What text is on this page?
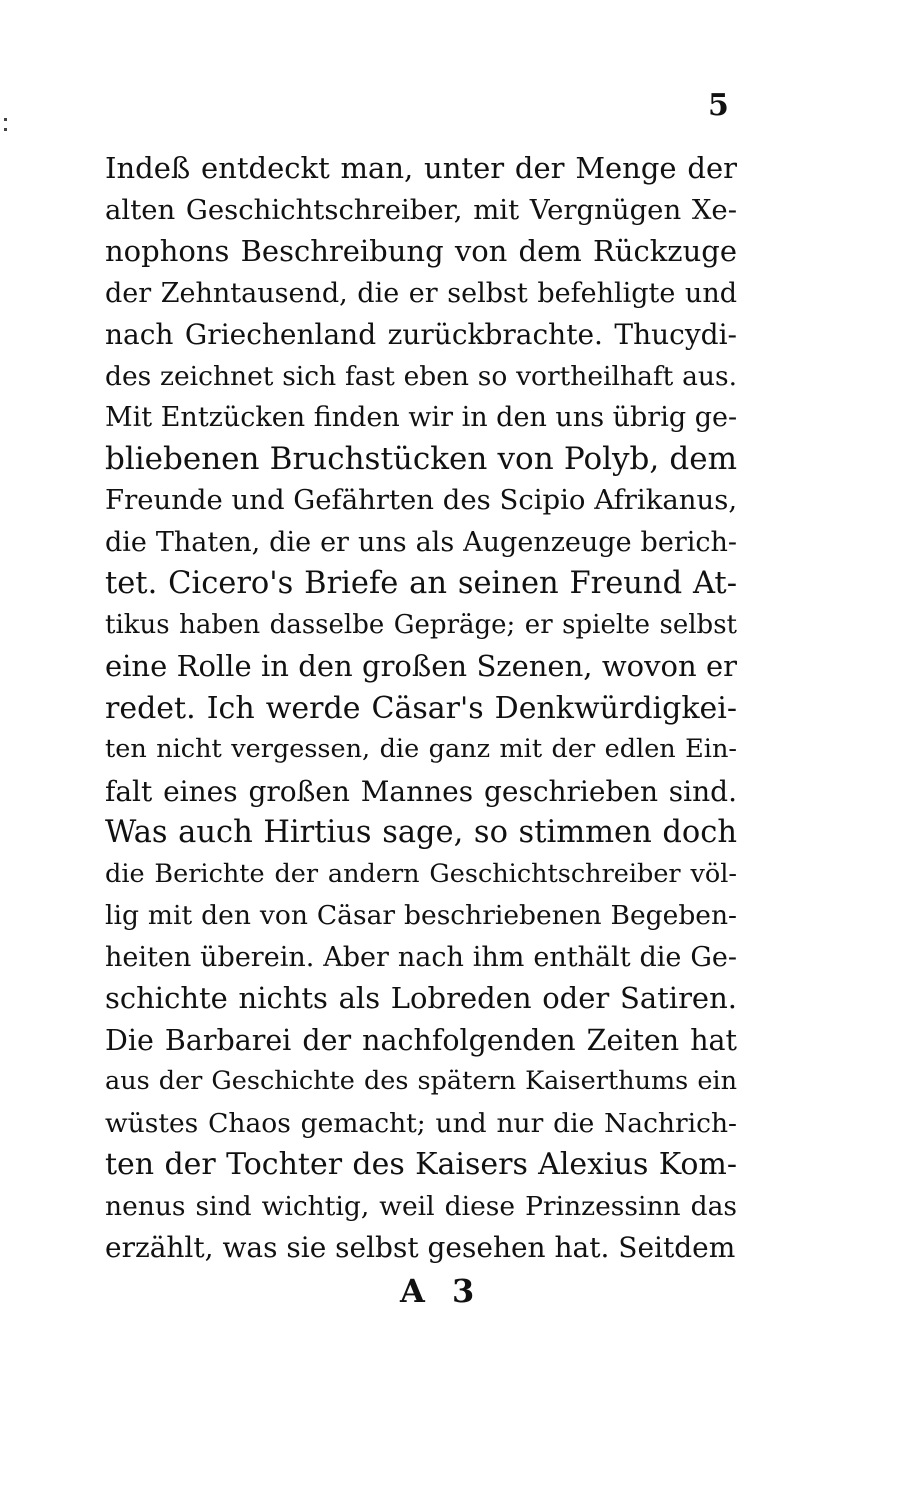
5
Indeß entdeckt man, unter der Menge der
alten Geschichtschreiber, mit Vergnügen Xe-
nophons Beschreibung von dem Rückzuge
der Zehntausend, die er selbst befehligte und
nach Griechenland zurückbrachte. Thucydi-
des zeichnet sich fast eben so vortheilhaft aus.
Mit Entzücken finden wir in den uns übrig ge-
bliebenen Bruchstücken von Polyb, dem
Freunde und Gefährten des Scipio Afrikanus,
die Thaten, die er uns als Augenzeuge berich-
tet. Cicero's Briefe an seinen Freund At-
tikus haben dasselbe Gepräge; er spielte selbst
eine Rolle in den großen Szenen, wovon er
redet. Ich werde Cäsar's Denkwürdigkei-
ten nicht vergessen, die ganz mit der edlen Ein-
falt eines großen Mannes geschrieben sind.
Was auch Hirtius sage, so stimmen doch
die Berichte der andern Geschichtschreiber völ-
lig mit den von Cäsar beschriebenen Begeben-
heiten überein. Aber nach ihm enthält die Ge-
schichte nichts als Lobreden oder Satiren.
Die Barbarei der nachfolgenden Zeiten hat
aus der Geschichte des spätern Kaiserthums ein
wüstes Chaos gemacht; und nur die Nachrich-
ten der Tochter des Kaisers Alexius Kom-
nenus sind wichtig, weil diese Prinzessinn das
erzählt, was sie selbst gesehen hat. Seitdem
A 3
